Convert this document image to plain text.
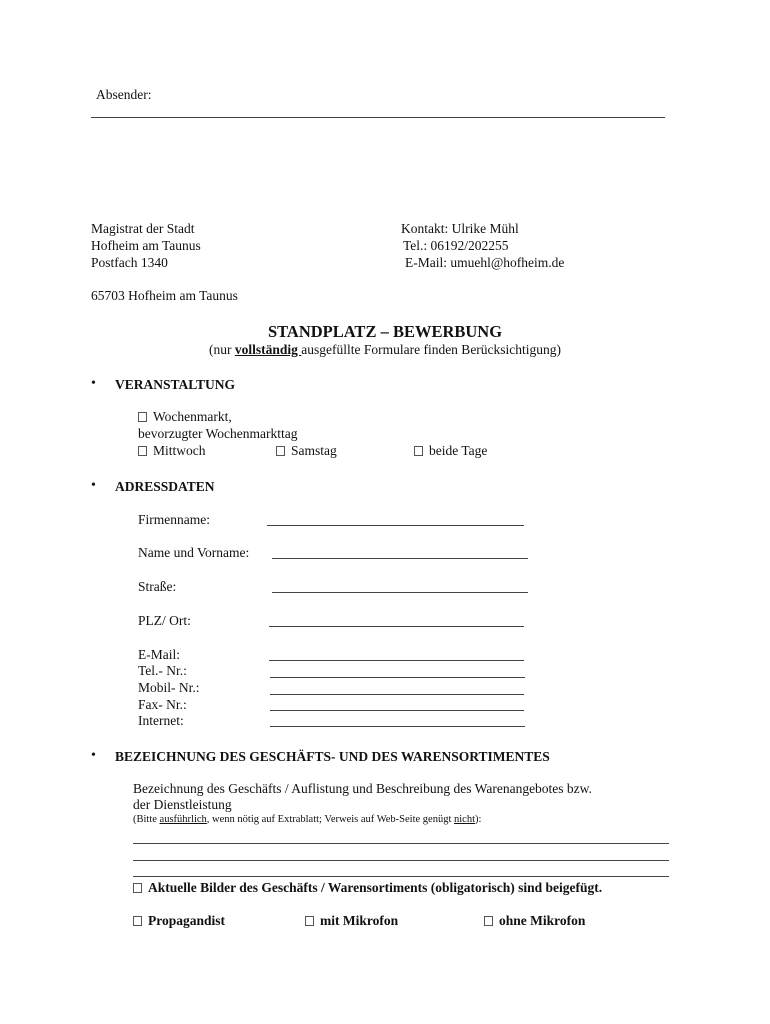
Absender:
Magistrat der Stadt
Hofheim am Taunus
Postfach 1340
65703 Hofheim am Taunus
Kontakt: Ulrike Mühl
Tel.: 06192/202255
E-Mail: umuehl@hofheim.de
STANDPLATZ – BEWERBUNG
(nur vollständig ausgefüllte Formulare finden Berücksichtigung)
• VERANSTALTUNG
Wochenmarkt,
bevorzugter Wochenmarkttag
Mittwoch	Samstag	beide Tage
• ADRESSDATEN
Firmenname:
Name und Vorname:
Straße:
PLZ/ Ort:
E-Mail:
Tel.- Nr.:
Mobil- Nr.:
Fax- Nr.:
Internet:
• BEZEICHNUNG DES GESCHÄFTS- UND DES WARENSORTIMENTES
Bezeichnung des Geschäfts / Auflistung und Beschreibung des Warenangebotes bzw.
der Dienstleistung
(Bitte ausführlich, wenn nötig auf Extrablatt; Verweis auf Web-Seite genügt nicht):
Aktuelle Bilder des Geschäfts / Warensortiments (obligatorisch) sind beigefügt.
Propagandist	mit Mikrofon	ohne Mikrofon
